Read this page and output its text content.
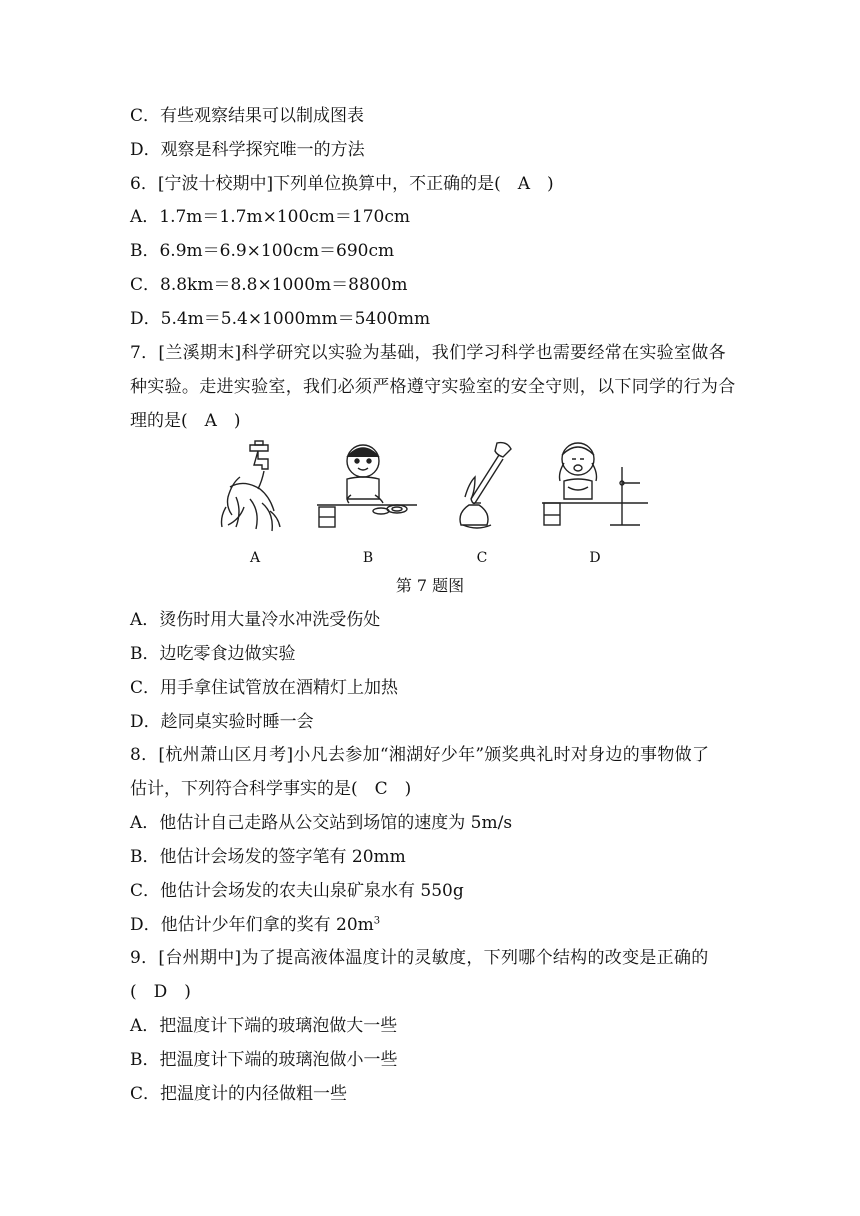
C．有些观察结果可以制成图表
D．观察是科学探究唯一的方法
6．[宁波十校期中]下列单位换算中，不正确的是(　A　)
A．1.7m＝1.7m×100cm＝170cm
B．6.9m＝6.9×100cm＝690cm
C．8.8km＝8.8×1000m＝8800m
D．5.4m＝5.4×1000mm＝5400mm
7．[兰溪期末]科学研究以实验为基础，我们学习科学也需要经常在实验室做各
种实验。走进实验室，我们必须严格遵守实验室的安全守则，以下同学的行为合
理的是(　A　)
A	B	C	D
第 7 题图
A．烫伤时用大量冷水冲洗受伤处
B．边吃零食边做实验
C．用手拿住试管放在酒精灯上加热
D．趁同桌实验时睡一会
8．[杭州萧山区月考]小凡去参加“湘湖好少年”颁奖典礼时对身边的事物做了
估计，下列符合科学事实的是(　C　)
A．他估计自己走路从公交站到场馆的速度为 5m/s
B．他估计会场发的签字笔有 20mm
C．他估计会场发的农夫山泉矿泉水有 550g
D．他估计少年们拿的奖有 $20m^3$
9．[台州期中]为了提高液体温度计的灵敏度，下列哪个结构的改变是正确的
(　D　)
A．把温度计下端的玻璃泡做大一些
B．把温度计下端的玻璃泡做小一些
C．把温度计的内径做粗一些
